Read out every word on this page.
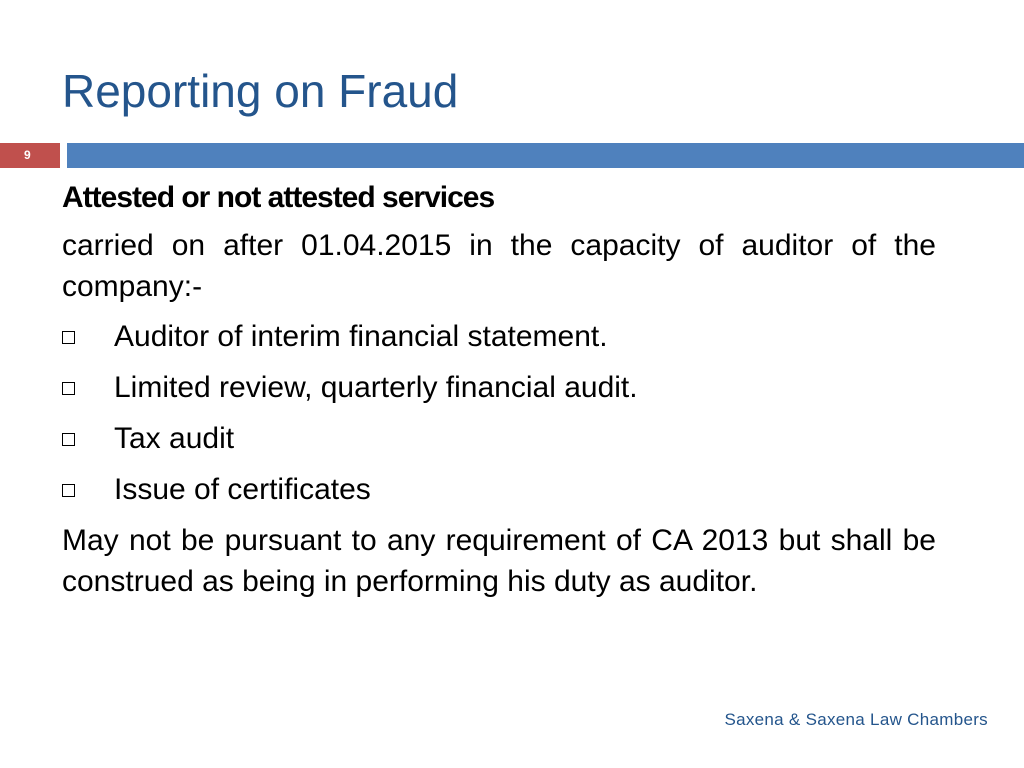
Reporting on Fraud
9
Attested or not attested services

carried on after 01.04.2015 in the capacity of auditor of the company:-

Auditor of interim financial statement.
Limited review, quarterly financial audit.
Tax audit
Issue of certificates

May not be pursuant to any requirement of CA 2013 but shall be construed as being in performing his duty as auditor.

Saxena & Saxena Law Chambers
